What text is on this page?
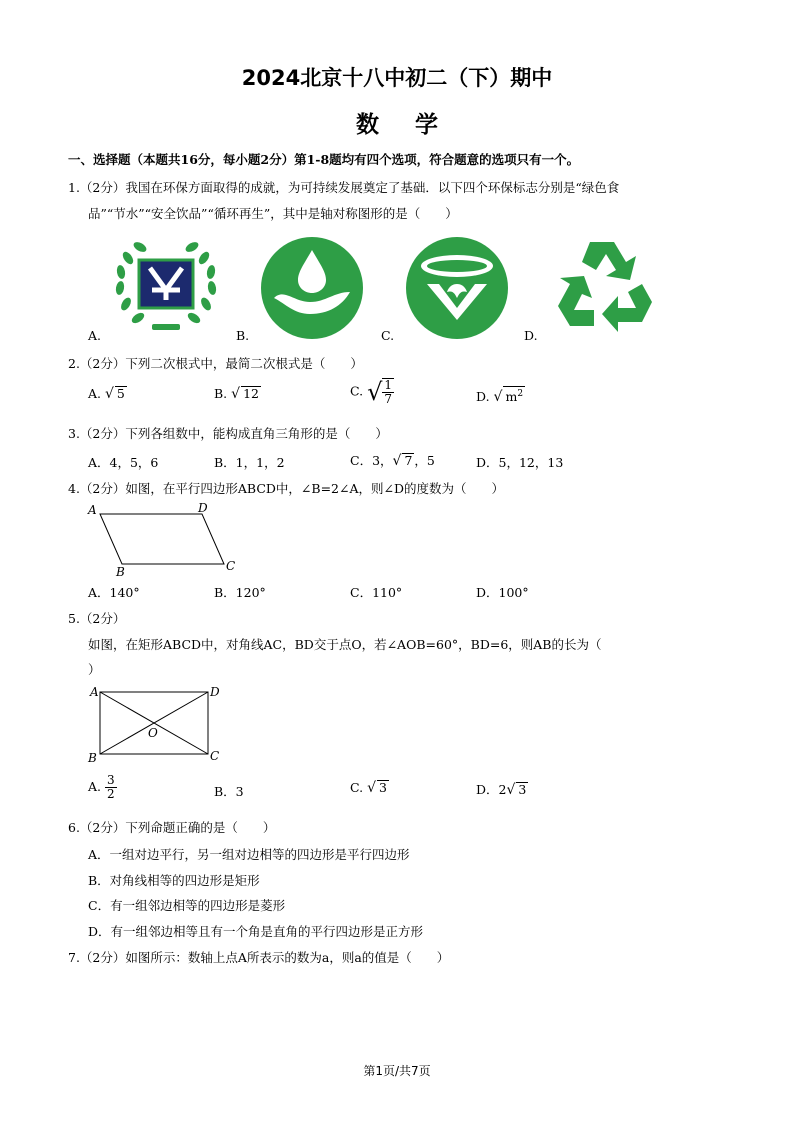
2024北京十八中初二（下）期中
数学
一、选择题（本题共16分，每小题2分）第1-8题均有四个选项，符合题意的选项只有一个。
1.（2分）我国在环保方面取得的成就，为可持续发展奠定了基础．以下四个环保标志分别是“绿色食
品”“节水”“安全饮品”“循环再生”，其中是轴对称图形的是（　　）
A.	B.	C.	D.
2.（2分）下列二次根式中，最简二次根式是（　　）
A. √ 5	B. √ 12	C. √ $\frac{1}{7}$	D. √ $m^2$
3.（2分）下列各组数中，能构成直角三角形的是（　　）
A．4，5，6	B．1，1，2	C．3，√ 7 ，5	D．5，12，13
4.（2分）如图，在平行四边形ABCD中，∠B=2∠A，则∠D的度数为（　　）
A	D
B	C
A．140°	B．120°	C．110°	D．100°
5.（2分）
如图，在矩形ABCD中，对角线AC，BD交于点O，若∠AOB=60°，BD=6，则AB的长为（
）
A	D
B	C
O
A. $\frac{3}{2}$	B．3	C. √ 3	D．2√ 3
6.（2分）下列命题正确的是（　　）
A．一组对边平行，另一组对边相等的四边形是平行四边形
B．对角线相等的四边形是矩形
C．有一组邻边相等的四边形是菱形
D．有一组邻边相等且有一个角是直角的平行四边形是正方形
7.（2分）如图所示：数轴上点A所表示的数为a，则a的值是（　　）
第1页/共7页
